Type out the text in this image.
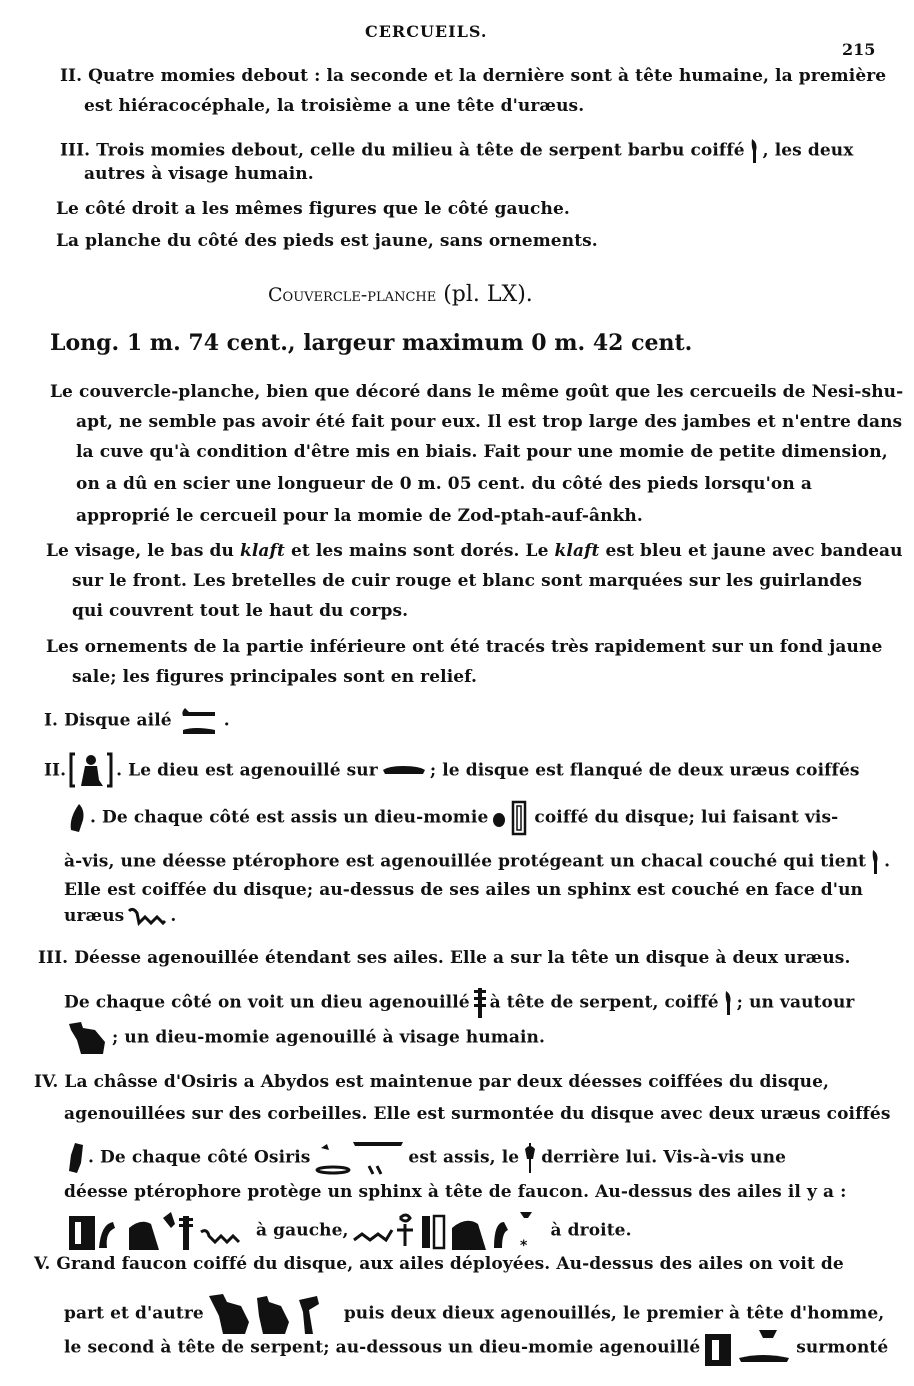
CERCUEILS.
215
II. Quatre momies debout : la seconde et la dernière sont à tête humaine, la première
est hiéracocéphale, la troisième a une tête d'uræus.
III. Trois momies debout, celle du milieu à tête de serpent barbu coiffé , les deux
autres à visage humain.
Le côté droit a les mêmes figures que le côté gauche.
La planche du côté des pieds est jaune, sans ornements.
Couvercle-planche (pl. LX).
Long. 1 m. 74 cent., largeur maximum 0 m. 42 cent.
Le couvercle-planche, bien que décoré dans le même goût que les cercueils de Nesi-shu-
apt, ne semble pas avoir été fait pour eux. Il est trop large des jambes et n'entre dans
la cuve qu'à condition d'être mis en biais. Fait pour une momie de petite dimension,
on a dû en scier une longueur de 0 m. 05 cent. du côté des pieds lorsqu'on a
approprié le cercueil pour la momie de Zod-ptah-auf-ânkh.
Le visage, le bas du klaft et les mains sont dorés. Le klaft est bleu et jaune avec bandeau
sur le front. Les bretelles de cuir rouge et blanc sont marquées sur les guirlandes
qui couvrent tout le haut du corps.
Les ornements de la partie inférieure ont été tracés très rapidement sur un fond jaune
sale; les figures principales sont en relief.
I. Disque ailé	.
II.	. Le dieu est agenouillé sur	; le disque est flanqué de deux uræus coiffés
. De chaque côté est assis un dieu-momie	coiffé du disque; lui faisant vis-
à-vis, une déesse ptérophore est agenouillée protégeant un chacal couché qui tient .
Elle est coiffée du disque; au-dessus de ses ailes un sphinx est couché en face d'un
uræus	.
III. Déesse agenouillée étendant ses ailes. Elle a sur la tête un disque à deux uræus.
De chaque côté on voit un dieu agenouillé à tête de serpent, coiffé ; un vautour
; un dieu-momie agenouillé à visage humain.
IV. La châsse d'Osiris a Abydos est maintenue par deux déesses coiffées du disque,
agenouillées sur des corbeilles. Elle est surmontée du disque avec deux uræus coiffés
. De chaque côté Osiris	est assis, le derrière lui. Vis-à-vis une
déesse ptérophore protège un sphinx à tête de faucon. Au-dessus des ailes il y a :
à gauche,
*
à droite.
V. Grand faucon coiffé du disque, aux ailes déployées. Au-dessus des ailes on voit de
part et d'autre	puis deux dieux agenouillés, le premier à tête d'homme,
le second à tête de serpent; au-dessous un dieu-momie agenouillé	surmonté
